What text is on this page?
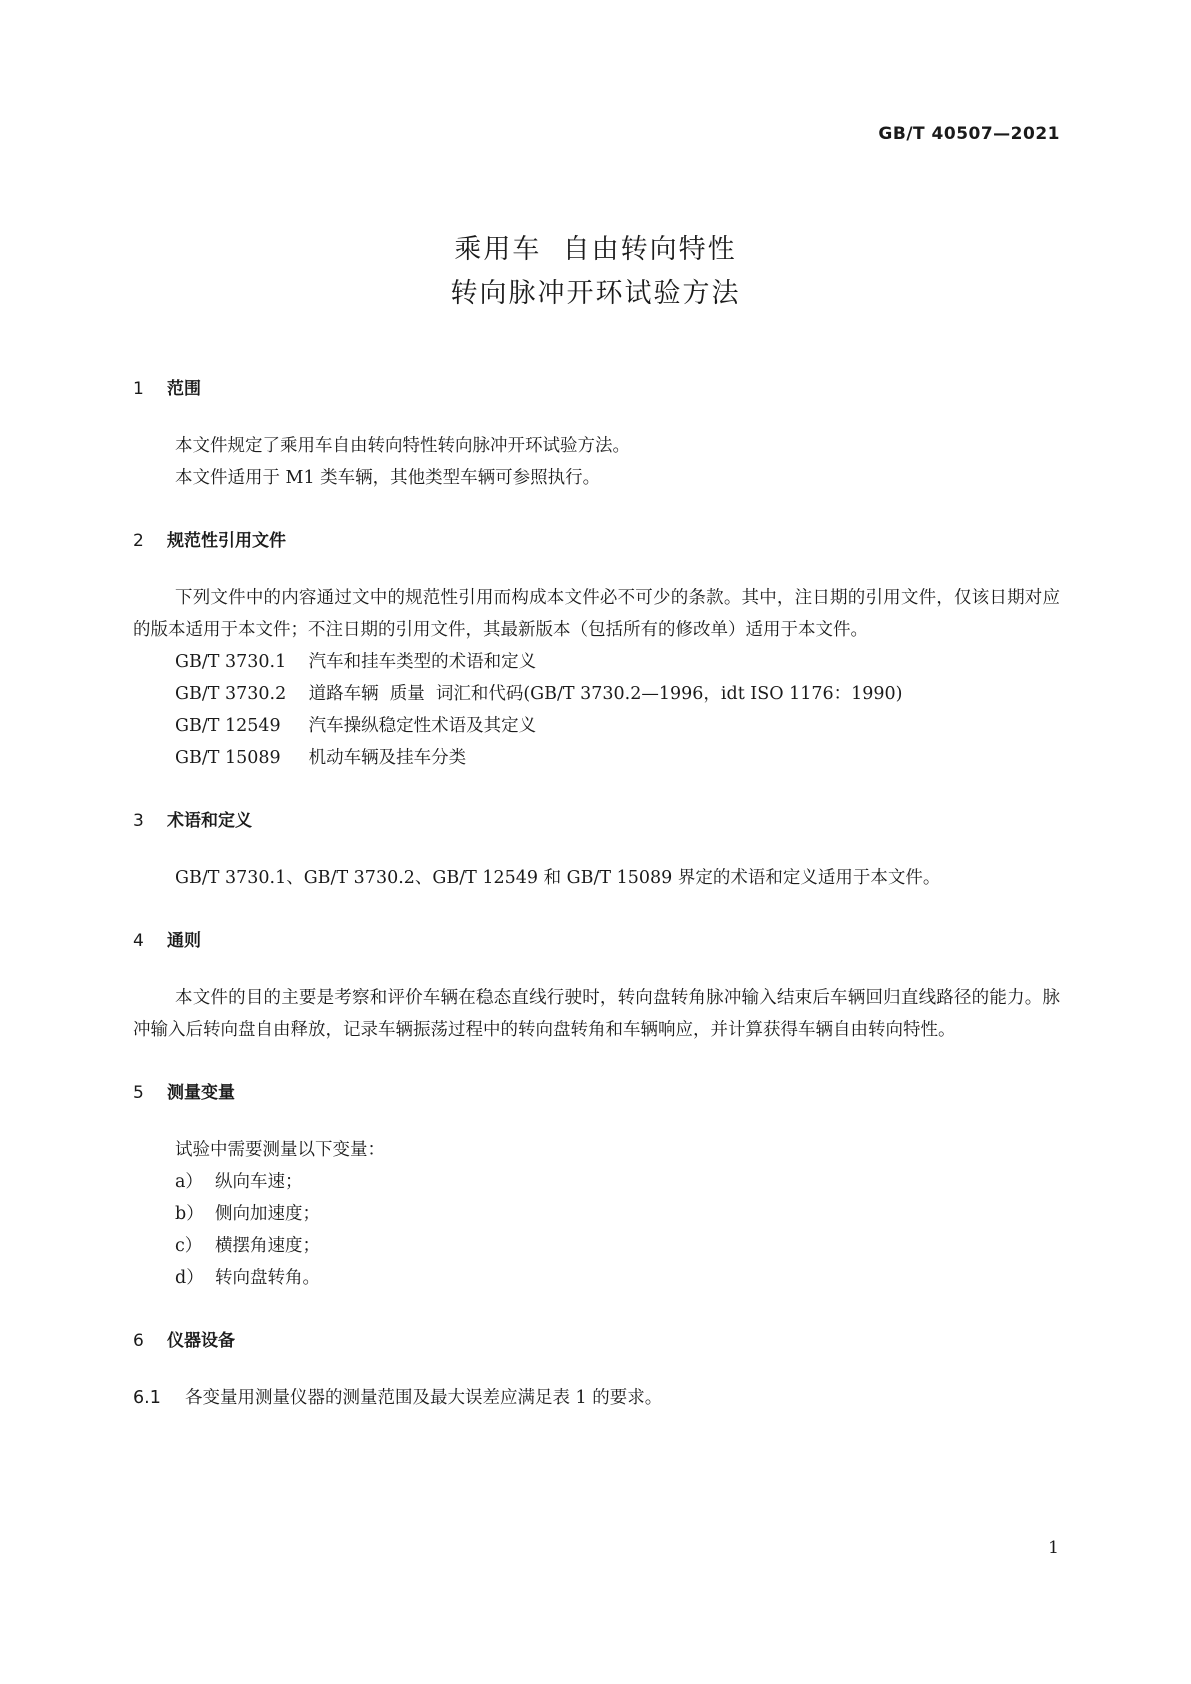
GB/T 40507—2021
乘用车  自由转向特性
转向脉冲开环试验方法
1	范围
本文件规定了乘用车自由转向特性转向脉冲开环试验方法。
本文件适用于 M1 类车辆，其他类型车辆可参照执行。
2	规范性引用文件
下列文件中的内容通过文中的规范性引用而构成本文件必不可少的条款。其中，注日期的引用文件，仅该日期对应的版本适用于本文件；不注日期的引用文件，其最新版本（包括所有的修改单）适用于本文件。
GB/T 3730.1 汽车和挂车类型的术语和定义
GB/T 3730.2 道路车辆  质量  词汇和代码(GB/T 3730.2—1996，idt ISO 1176：1990)
GB/T 12549 汽车操纵稳定性术语及其定义
GB/T 15089 机动车辆及挂车分类
3	术语和定义
GB/T 3730.1、GB/T 3730.2、GB/T 12549 和 GB/T 15089 界定的术语和定义适用于本文件。
4	通则
本文件的目的主要是考察和评价车辆在稳态直线行驶时，转向盘转角脉冲输入结束后车辆回归直线路径的能力。脉冲输入后转向盘自由释放，记录车辆振荡过程中的转向盘转角和车辆响应，并计算获得车辆自由转向特性。
5	测量变量
试验中需要测量以下变量：
a） 纵向车速；
b） 侧向加速度；
c） 横摆角速度；
d） 转向盘转角。
6	仪器设备
6.1 各变量用测量仪器的测量范围及最大误差应满足表 1 的要求。
1
